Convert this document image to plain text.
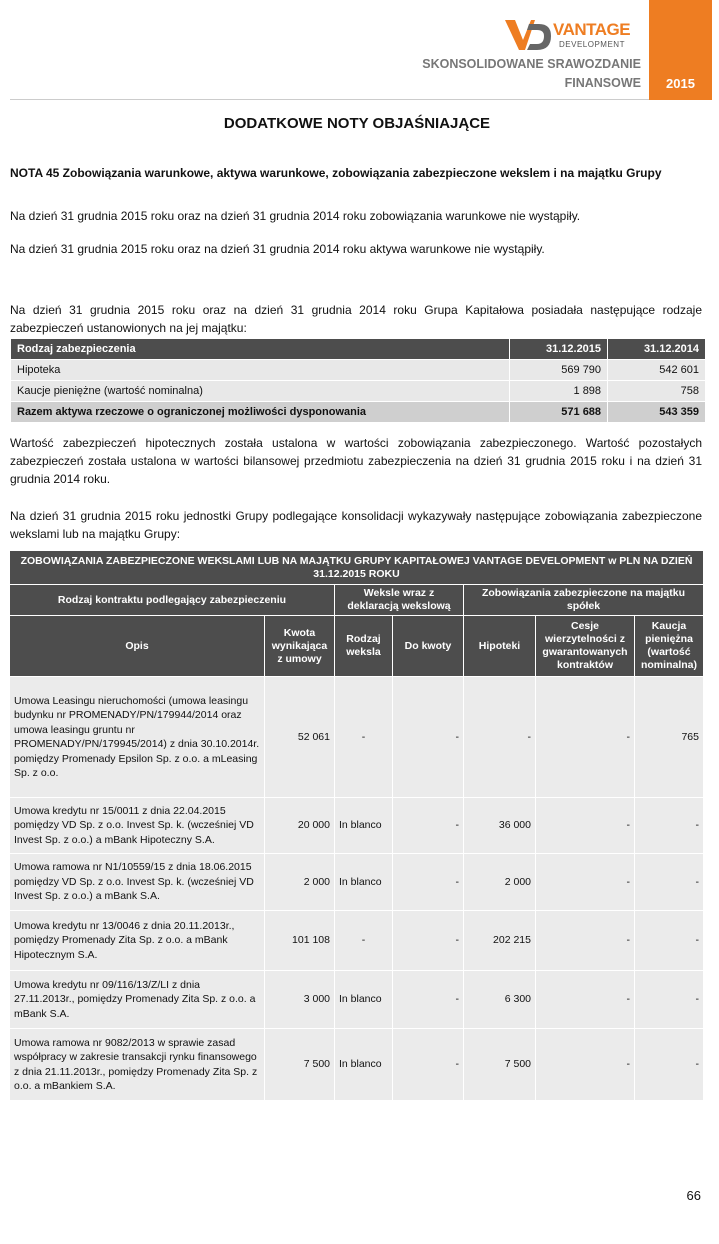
2015
VANTAGE
DEVELOPMENT
SKONSOLIDOWANE SRAWOZDANIE
FINANSOWE
DODATKOWE NOTY OBJAŚNIAJĄCE
NOTA 45 Zobowiązania warunkowe, aktywa warunkowe, zobowiązania zabezpieczone wekslem i na majątku Grupy
Na dzień 31 grudnia 2015 roku oraz na dzień 31 grudnia 2014 roku zobowiązania warunkowe nie wystąpiły.
Na dzień 31 grudnia 2015 roku oraz na dzień 31 grudnia 2014 roku aktywa warunkowe nie wystąpiły.
Na dzień 31 grudnia 2015 roku oraz na dzień 31 grudnia 2014 roku Grupa Kapitałowa posiadała następujące rodzaje zabezpieczeń ustanowionych na jej majątku:
Rodzaj zabezpieczenia	31.12.2015	31.12.2014
Hipoteka	569 790	542 601
Kaucje pieniężne (wartość nominalna)	1 898	758
Razem aktywa rzeczowe o ograniczonej możliwości dysponowania	571 688	543 359
Wartość zabezpieczeń hipotecznych została ustalona w wartości zobowiązania zabezpieczonego. Wartość pozostałych zabezpieczeń została ustalona w wartości bilansowej przedmiotu zabezpieczenia na dzień 31 grudnia 2015 roku i na dzień 31 grudnia 2014 roku.
Na dzień 31 grudnia 2015 roku jednostki Grupy podlegające konsolidacji wykazywały następujące zobowiązania zabezpieczone wekslami lub na majątku Grupy:
ZOBOWIĄZANIA ZABEZPIECZONE WEKSLAMI LUB NA MAJĄTKU GRUPY KAPITAŁOWEJ VANTAGE DEVELOPMENT w PLN NA DZIEŃ 31.12.2015 ROKU						
Rodzaj kontraktu podlegający zabezpieczeniu		Weksle wraz z deklaracją wekslową		Zobowiązania zabezpieczone na majątku spółek		
Opis	Kwota wynikająca z umowy	Rodzaj weksla	Do kwoty	Hipoteki	Cesje wierzytelności z gwarantowanych kontraktów	Kaucja pieniężna (wartość nominalna)
Umowa Leasingu nieruchomości (umowa leasingu budynku nr PROMENADY/PN/179944/2014 oraz umowa leasingu gruntu nr PROMENADY/PN/179945/2014) z dnia 30.10.2014r. pomiędzy Promenady Epsilon Sp. z o.o. a mLeasing Sp. z o.o.	52 061	-	-	-	-	765
Umowa kredytu nr 15/0011 z dnia 22.04.2015 pomiędzy VD Sp. z o.o. Invest Sp. k. (wcześniej VD Invest Sp. z o.o.) a mBank Hipoteczny S.A.	20 000	In blanco	-	36 000	-	-
Umowa ramowa nr N1/10559/15 z dnia 18.06.2015 pomiędzy VD Sp. z o.o. Invest Sp. k. (wcześniej VD Invest Sp. z o.o.) a mBank S.A.	2 000	In blanco	-	2 000	-	-
Umowa kredytu nr 13/0046 z dnia 20.11.2013r., pomiędzy Promenady Zita Sp. z o.o. a mBank Hipotecznym S.A.	101 108	-	-	202 215	-	-
Umowa kredytu nr 09/116/13/Z/LI z dnia 27.11.2013r., pomiędzy Promenady Zita Sp. z o.o. a mBank S.A.	3 000	In blanco	-	6 300	-	-
Umowa ramowa nr 9082/2013 w sprawie zasad współpracy w zakresie transakcji rynku finansowego z dnia 21.11.2013r., pomiędzy Promenady Zita Sp. z o.o. a mBankiem S.A.	7 500	In blanco	-	7 500	-	-
66
